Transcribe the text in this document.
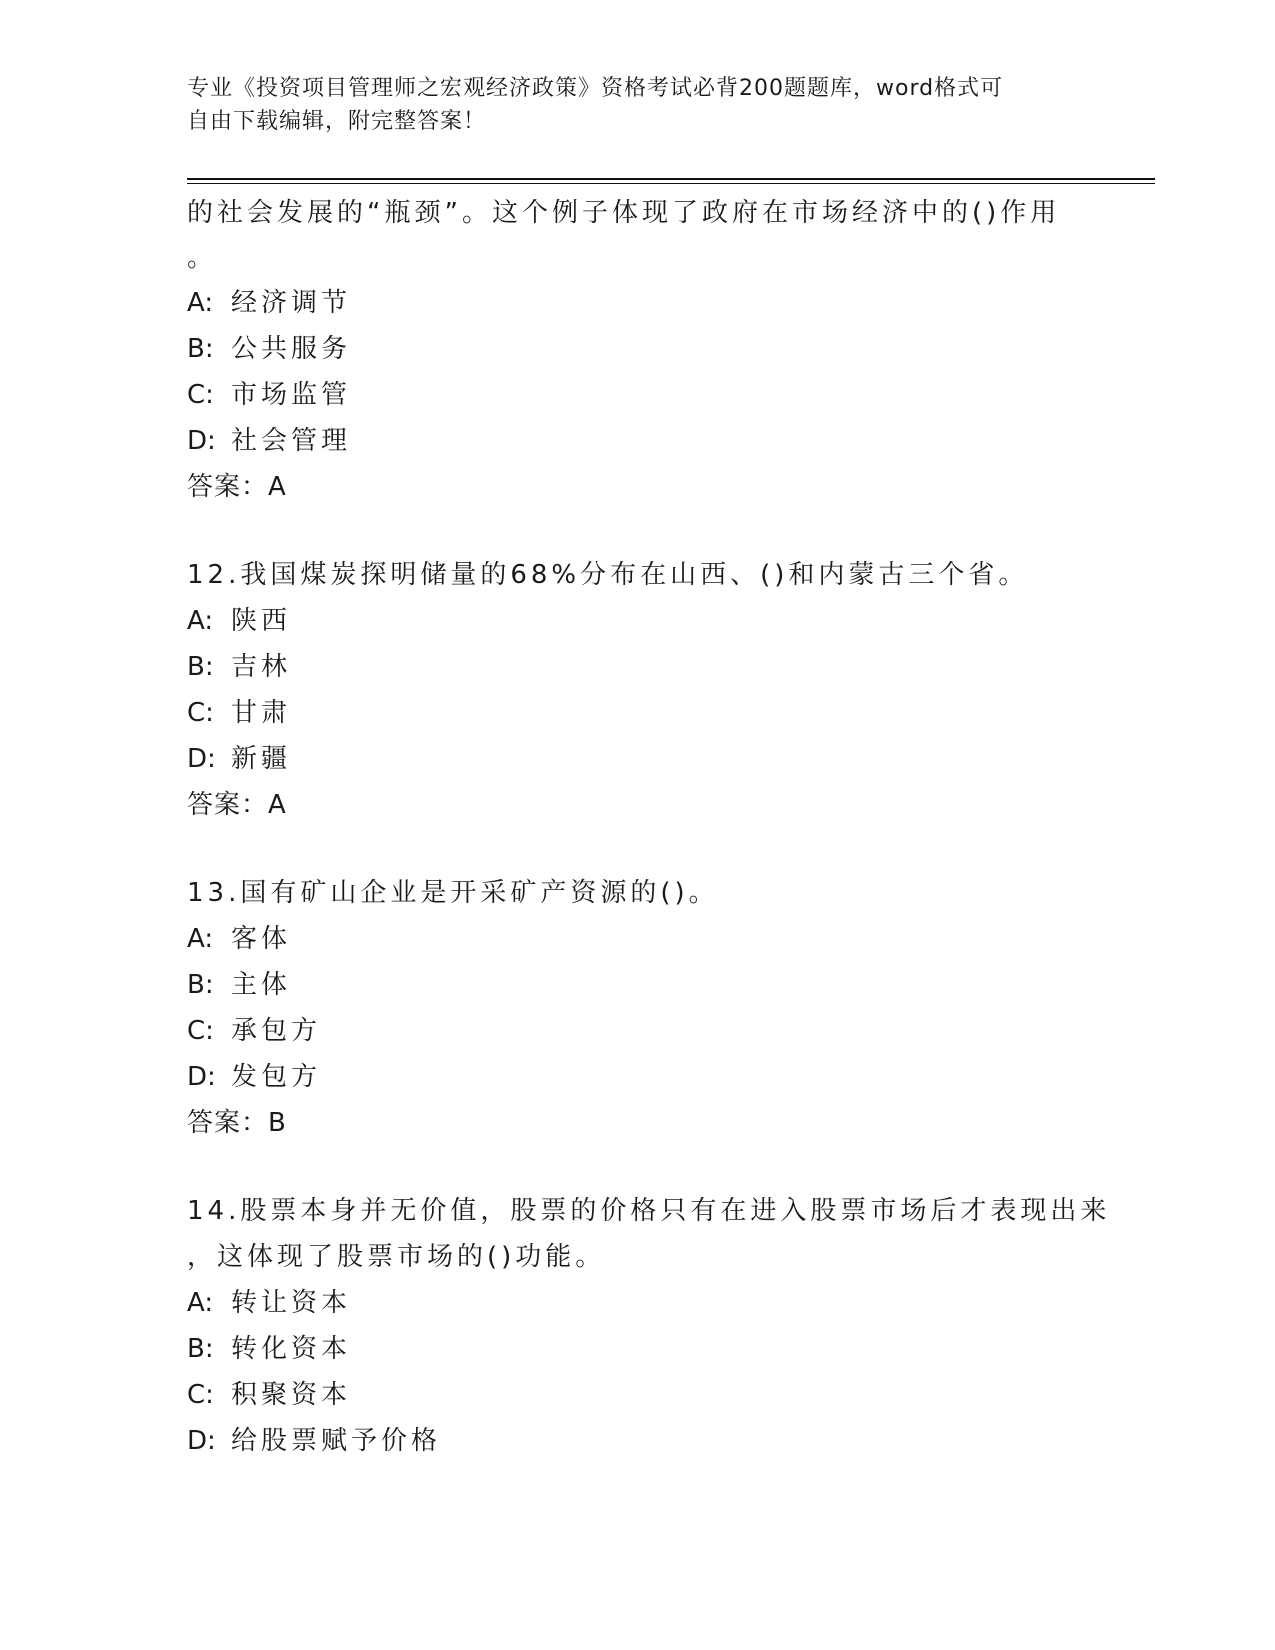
专业《投资项目管理师之宏观经济政策》资格考试必背200题题库，word格式可
自由下载编辑，附完整答案！
的社会发展的“瓶颈”。这个例子体现了政府在市场经济中的()作用
。
A: 经济调节
B: 公共服务
C: 市场监管
D: 社会管理
答案：A
12.我国煤炭探明储量的68%分布在山西、()和内蒙古三个省。
A: 陕西
B: 吉林
C: 甘肃
D: 新疆
答案：A
13.国有矿山企业是开采矿产资源的()。
A: 客体
B: 主体
C: 承包方
D: 发包方
答案：B
14.股票本身并无价值，股票的价格只有在进入股票市场后才表现出来
，这体现了股票市场的()功能。
A: 转让资本
B: 转化资本
C: 积聚资本
D: 给股票赋予价格
